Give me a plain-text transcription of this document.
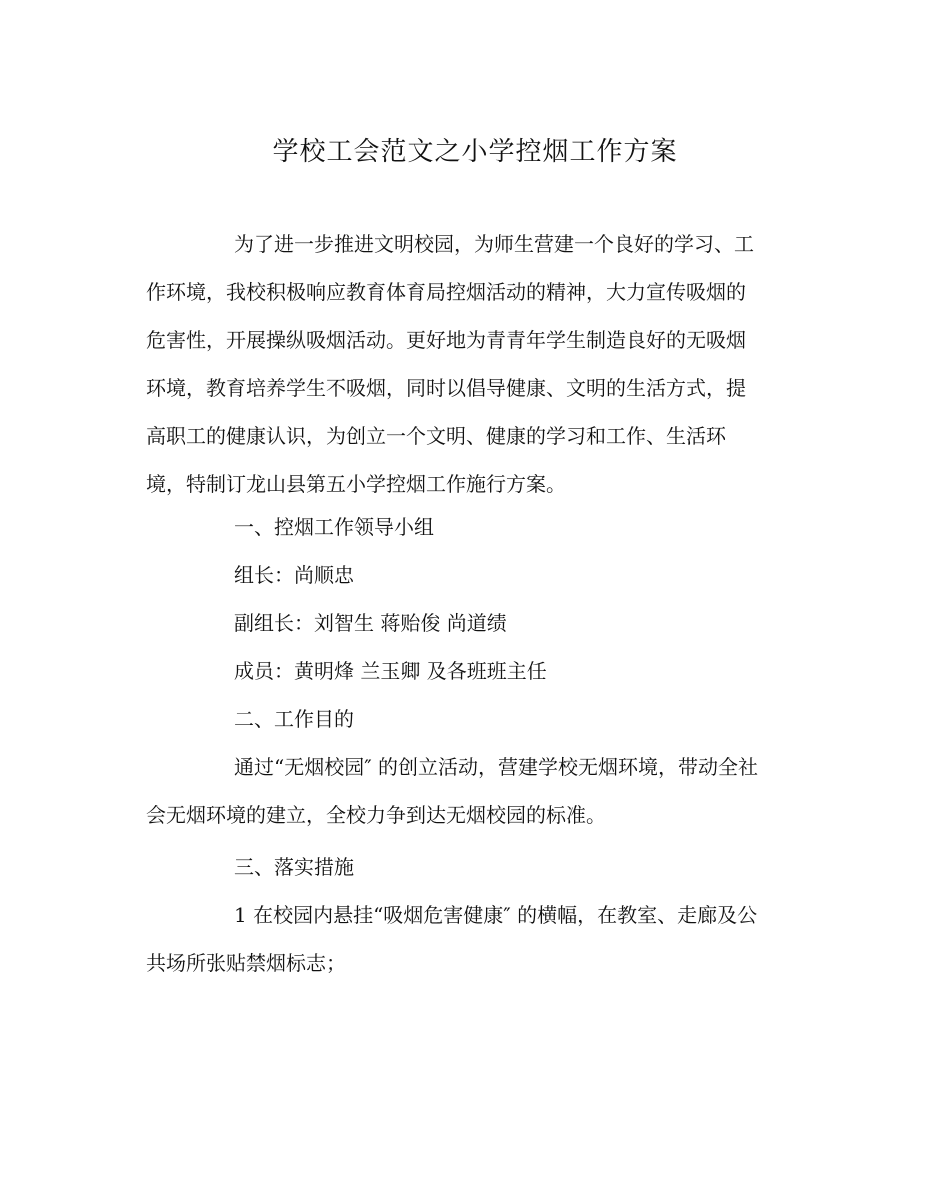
学校工会范文之小学控烟工作方案
为了进一步推进文明校园，为师生营建一个良好的学习、工
作环境，我校积极响应教育体育局控烟活动的精神，大力宣传吸烟的
危害性，开展操纵吸烟活动。更好地为青青年学生制造良好的无吸烟
环境，教育培养学生不吸烟，同时以倡导健康、文明的生活方式，提
高职工的健康认识，为创立一个文明、健康的学习和工作、生活环
境，特制订龙山县第五小学控烟工作施行方案。
一、控烟工作领导小组
组长：尚顺忠
副组长：刘智生 蒋贻俊 尚道绩
成员：黄明烽 兰玉卿 及各班班主任
二、工作目的
通过“无烟校园″ 的创立活动，营建学校无烟环境，带动全社
会无烟环境的建立，全校力争到达无烟校园的标准。
三、落实措施
1 在校园内悬挂“吸烟危害健康″ 的横幅，在教室、走廊及公
共场所张贴禁烟标志；
